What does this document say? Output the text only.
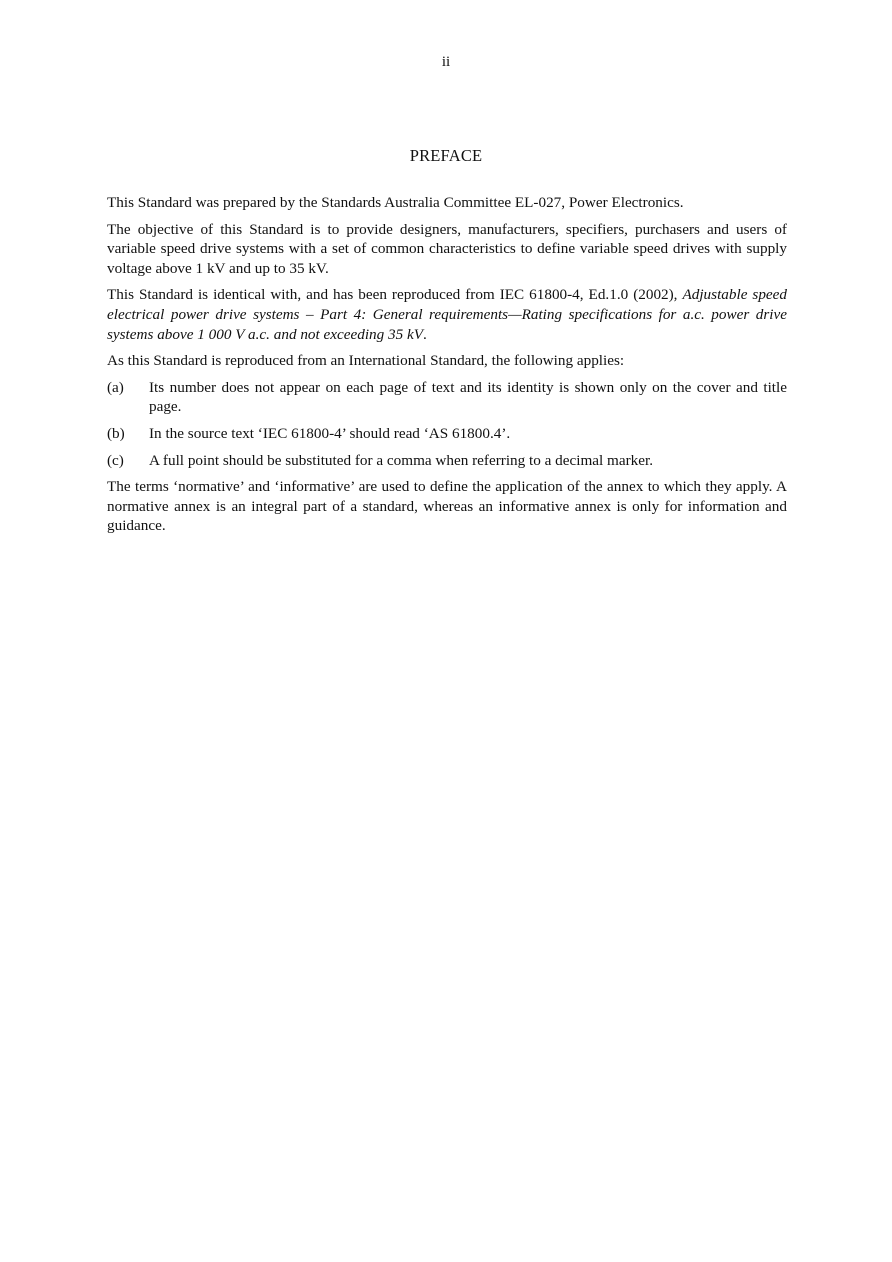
ii
PREFACE

This Standard was prepared by the Standards Australia Committee EL-027, Power Electronics.

The objective of this Standard is to provide designers, manufacturers, specifiers, purchasers and users of variable speed drive systems with a set of common characteristics to define variable speed drives with supply voltage above 1 kV and up to 35 kV.

This Standard is identical with, and has been reproduced from IEC 61800-4, Ed.1.0 (2002), Adjustable speed electrical power drive systems – Part 4: General requirements—Rating specifications for a.c. power drive systems above 1 000 V a.c. and not exceeding 35 kV.

As this Standard is reproduced from an International Standard, the following applies:

(a)	Its number does not appear on each page of text and its identity is shown only on the cover and title page.
(b)	In the source text ‘IEC 61800-4’ should read ‘AS 61800.4’.
(c)	A full point should be substituted for a comma when referring to a decimal marker.

The terms ‘normative’ and ‘informative’ are used to define the application of the annex to which they apply. A normative annex is an integral part of a standard, whereas an informative annex is only for information and guidance.
